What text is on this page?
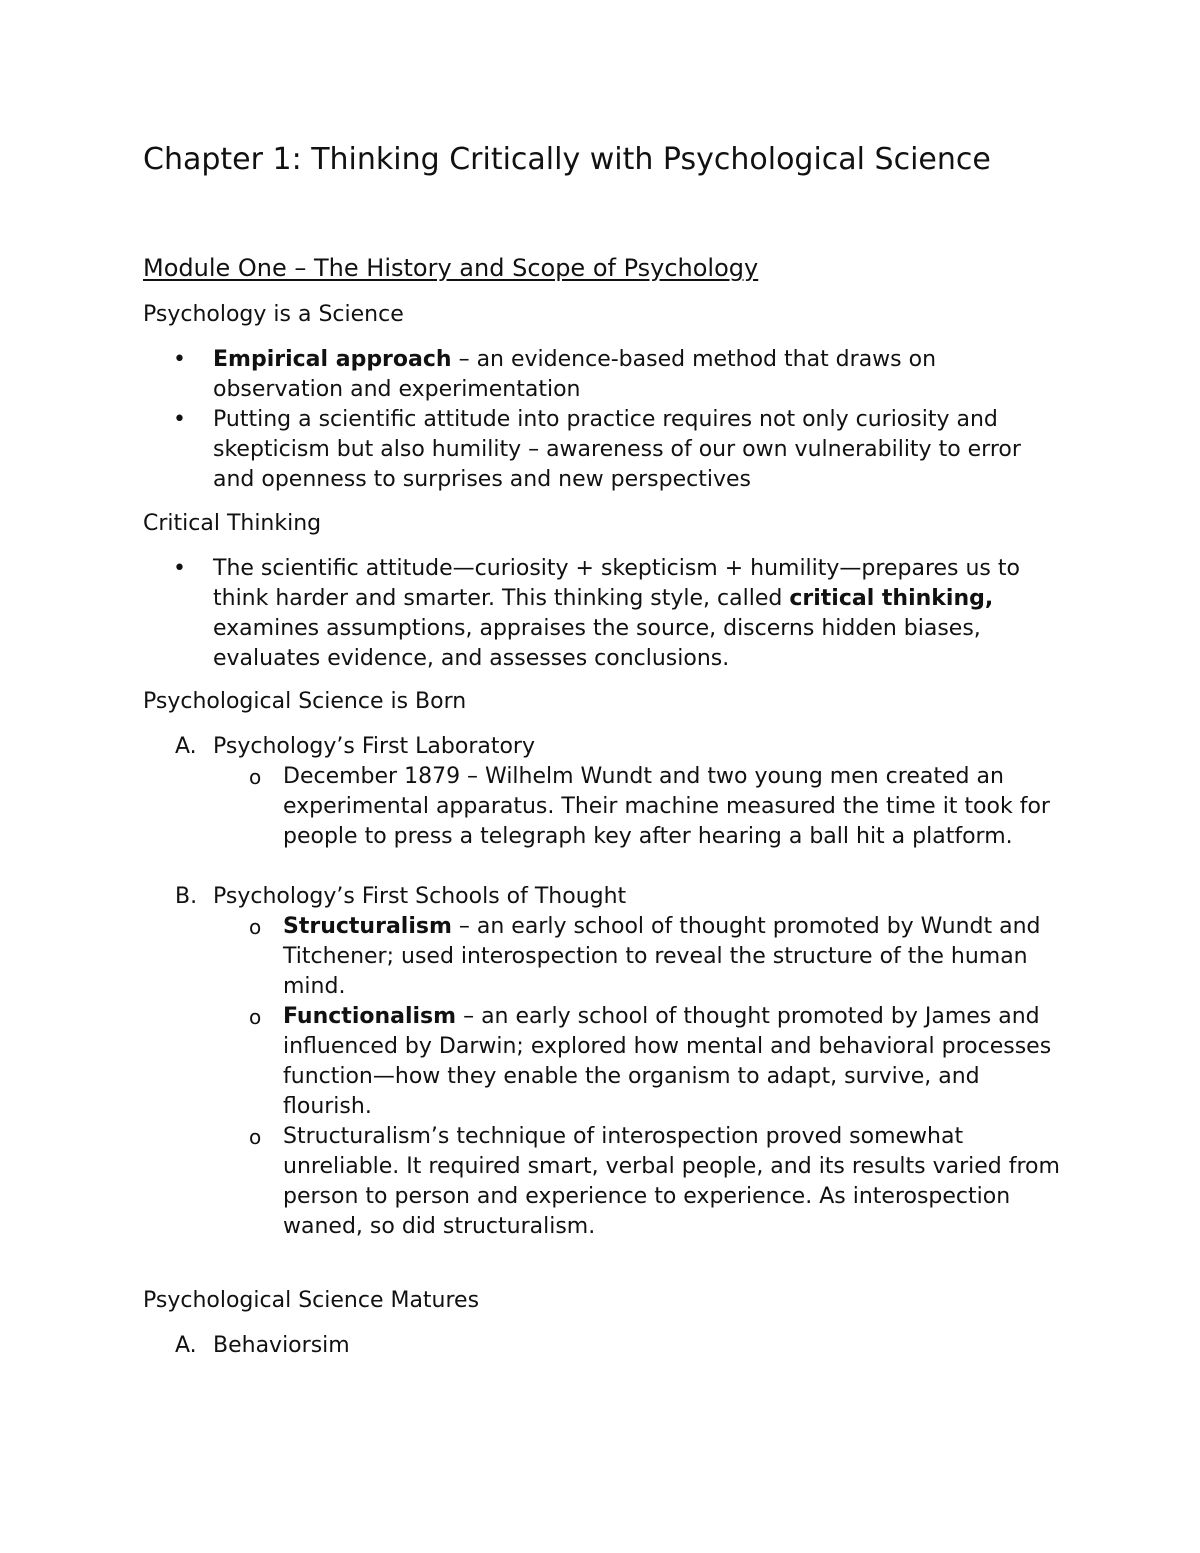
Chapter 1: Thinking Critically with Psychological Science
Module One – The History and Scope of Psychology

Psychology is a Science

• Empirical approach – an evidence-based method that draws on observation and experimentation
• Putting a scientific attitude into practice requires not only curiosity and skepticism but also humility – awareness of our own vulnerability to error and openness to surprises and new perspectives

Critical Thinking

• The scientific attitude—curiosity + skepticism + humility—prepares us to think harder and smarter. This thinking style, called critical thinking, examines assumptions, appraises the source, discerns hidden biases, evaluates evidence, and assesses conclusions.

Psychological Science is Born

A. Psychology’s First Laboratory
o December 1879 – Wilhelm Wundt and two young men created an experimental apparatus. Their machine measured the time it took for people to press a telegraph key after hearing a ball hit a platform.
B. Psychology’s First Schools of Thought
o Structuralism – an early school of thought promoted by Wundt and Titchener; used interospection to reveal the structure of the human mind.
o Functionalism – an early school of thought promoted by James and influenced by Darwin; explored how mental and behavioral processes function—how they enable the organism to adapt, survive, and flourish.
o Structuralism’s technique of interospection proved somewhat unreliable. It required smart, verbal people, and its results varied from person to person and experience to experience. As interospection waned, so did structuralism.

Psychological Science Matures

A. Behaviorsim
